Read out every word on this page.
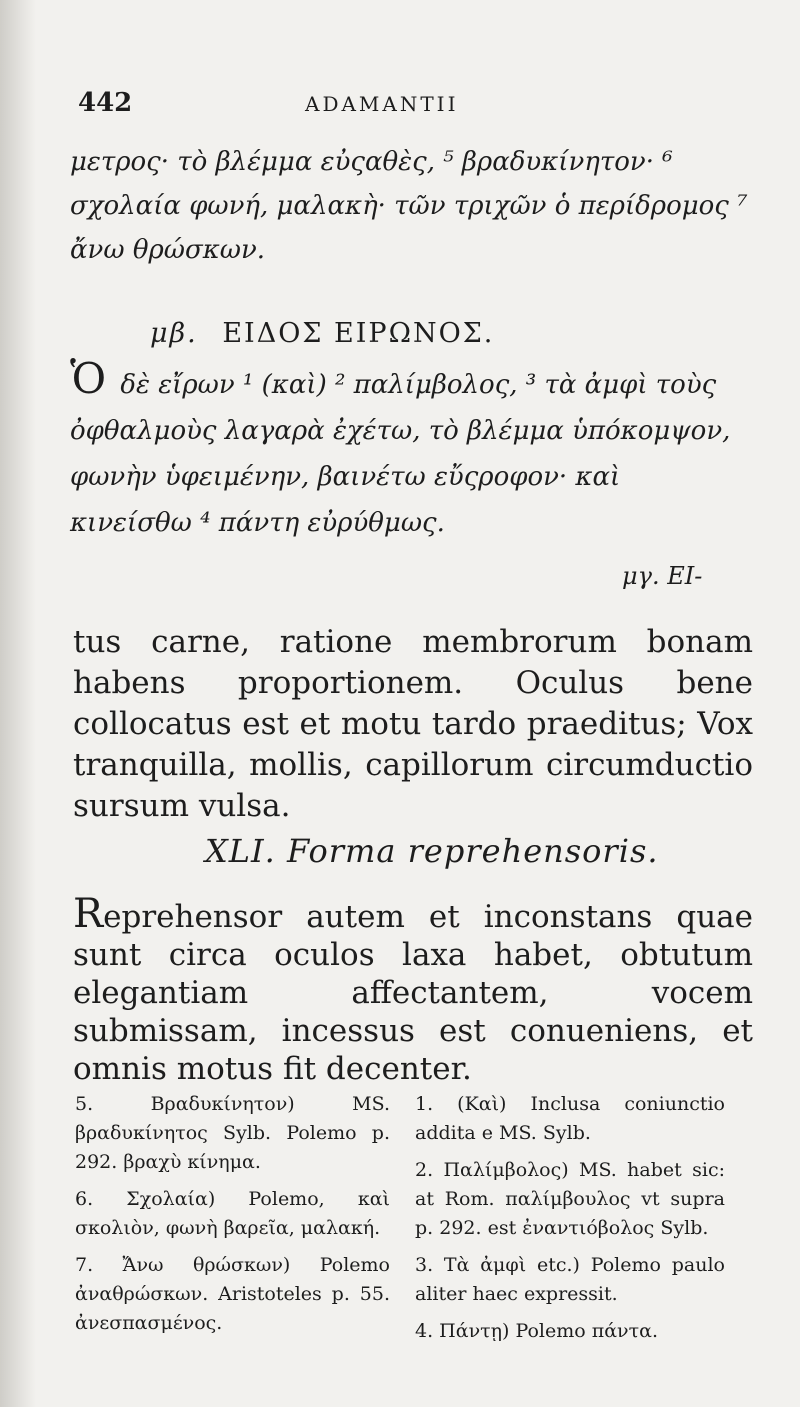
442	ADAMANTII
μετρος· τὸ βλέμμα εὐςαθὲς, ⁵ βραδυκίνητον· ⁶ σχολαία φωνή, μαλακὴ· τῶν τριχῶν ὁ περίδρομος ⁷ ἄνω θρώσκων.
μβ. ΕΙΔΟΣ ΕΙΡΩΝΟΣ.
Ὁ δὲ εἴρων ¹ (καὶ) ² παλίμβολος, ³ τὰ ἀμφὶ τοὺς ὀφθαλμοὺς λαγαρὰ ἐχέτω, τὸ βλέμμα ὑπόκομψον, φωνὴν ὑφειμένην, βαινέτω εὔςροφον· καὶ κινείσθω ⁴ πάντη εὐρύθμως.
μγ. ΕΙ-
tus carne, ratione membrorum bonam habens proportionem. Oculus bene collocatus est et motu tardo praeditus; Vox tranquilla, mollis, capillorum circumductio sursum vulsa.
XLI. Forma reprehensoris.
Reprehensor autem et inconstans quae sunt circa oculos laxa habet, obtutum elegantiam affectantem, vocem submissam, incessus est conueniens, et omnis motus fit decenter.
5. Βραδυκίνητον) MS. βραδυκίνητος Sylb. Polemo p. 292. βραχὺ κίνημα.
6. Σχολαία) Polemo, καὶ σκολιὸν, φωνὴ βαρεῖα, μαλακή.
7. Ἄνω θρώσκων) Polemo ἀναθρώσκων. Aristoteles p. 55. ἀνεσπασμένος.
1. (Καὶ) Inclusa coniunctio addita e MS. Sylb.
2. Παλίμβολος) MS. habet sic: at Rom. παλίμβουλος vt supra p. 292. est ἐναντιόβολος Sylb.
3. Τὰ ἀμφὶ etc.) Polemo paulo aliter haec expressit.
4. Πάντῃ) Polemo πάντα.
